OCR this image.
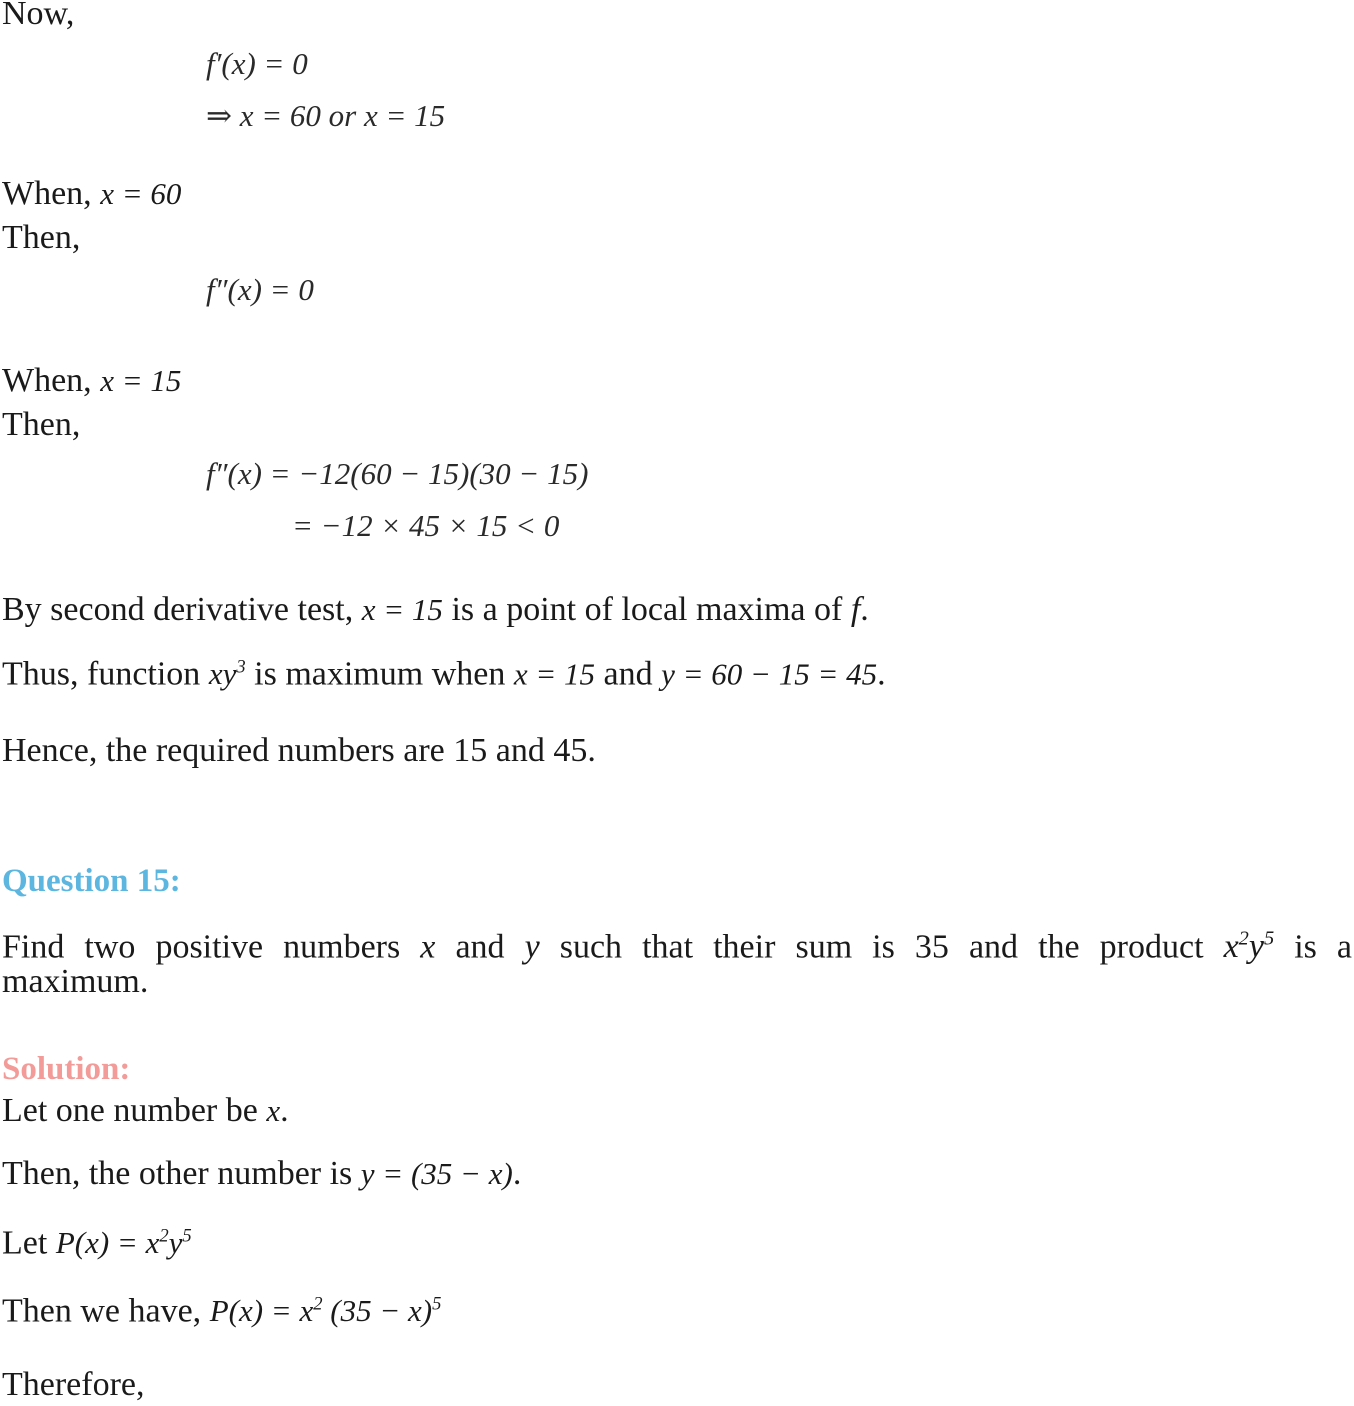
Now,
f′(x) = 0
⇒ x = 60 or x = 15
When, x = 60
Then,
f″(x) = 0
When, x = 15
Then,
f″(x) = −12(60 − 15)(30 − 15)
= −12 × 45 × 15 < 0
By second derivative test, x = 15 is a point of local maxima of f.
Thus, function $xy^3$ is maximum when x = 15 and y = 60 − 15 = 45.
Hence, the required numbers are 15 and 45.
Question 15:
Find two positive numbers x and y such that their sum is 35 and the product $x^2y^5$ is a
maximum.
Solution:
Let one number be x.
Then, the other number is y = (35 − x).
Let $P(x) = x^2y^5$
Then we have, $P(x) = x^2$ $(35 - x)^5$
Therefore,
